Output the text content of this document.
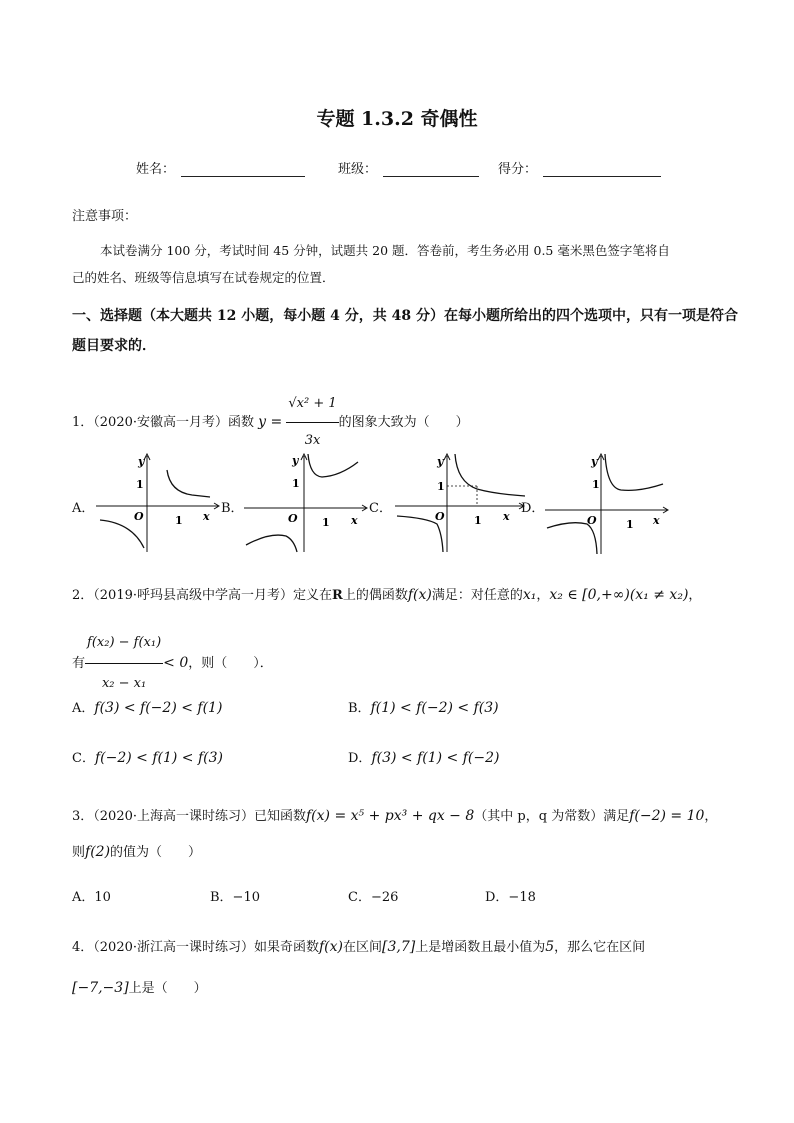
专题 1.3.2 奇偶性
姓名：	班级：	得分：
注意事项：
本试卷满分 100 分，考试时间 45 分钟，试题共 20 题．答卷前，考生务必用 0.5 毫米黑色签字笔将自
己的姓名、班级等信息填写在试卷规定的位置．
一、选择题（本大题共 12 小题，每小题 4 分，共 48 分）在每小题所给出的四个选项中，只有一项是符合
题目要求的．
1．（2020·安徽高一月考）函数 $y = \frac{\text{√x² + 1}}{3x}$ 的图象大致为（　　）
A．	B．	C．	D．
y
1
O	1 x
y
1
O 1 x
y
1
O	1 x
y
1
O	1 x
2．（2019·呼玛县高级中学高一月考）定义在R上的偶函数f(x)满足：对任意的x₁，x₂ ∈ [0,+∞)(x₁ ≠ x₂)，
有 $\frac{\text{f(x₂) − f(x₁)}}{\text{x₂ − x₁}} < 0$，则（　　）．
A．f(3) < f(−2) < f(1)	B．f(1) < f(−2) < f(3)
C．f(−2) < f(1) < f(3)	D．f(3) < f(1) < f(−2)
3．（2020·上海高一课时练习）已知函数f(x) = x⁵ + px³ + qx − 8（其中 p，q 为常数）满足f(−2) = 10，
则f(2)的值为（　　）
A．10	B．−10	C．−26	D．−18
4．（2020·浙江高一课时练习）如果奇函数f(x)在区间[3,7]上是增函数且最小值为5，那么它在区间
[−7,−3]上是（　　）
